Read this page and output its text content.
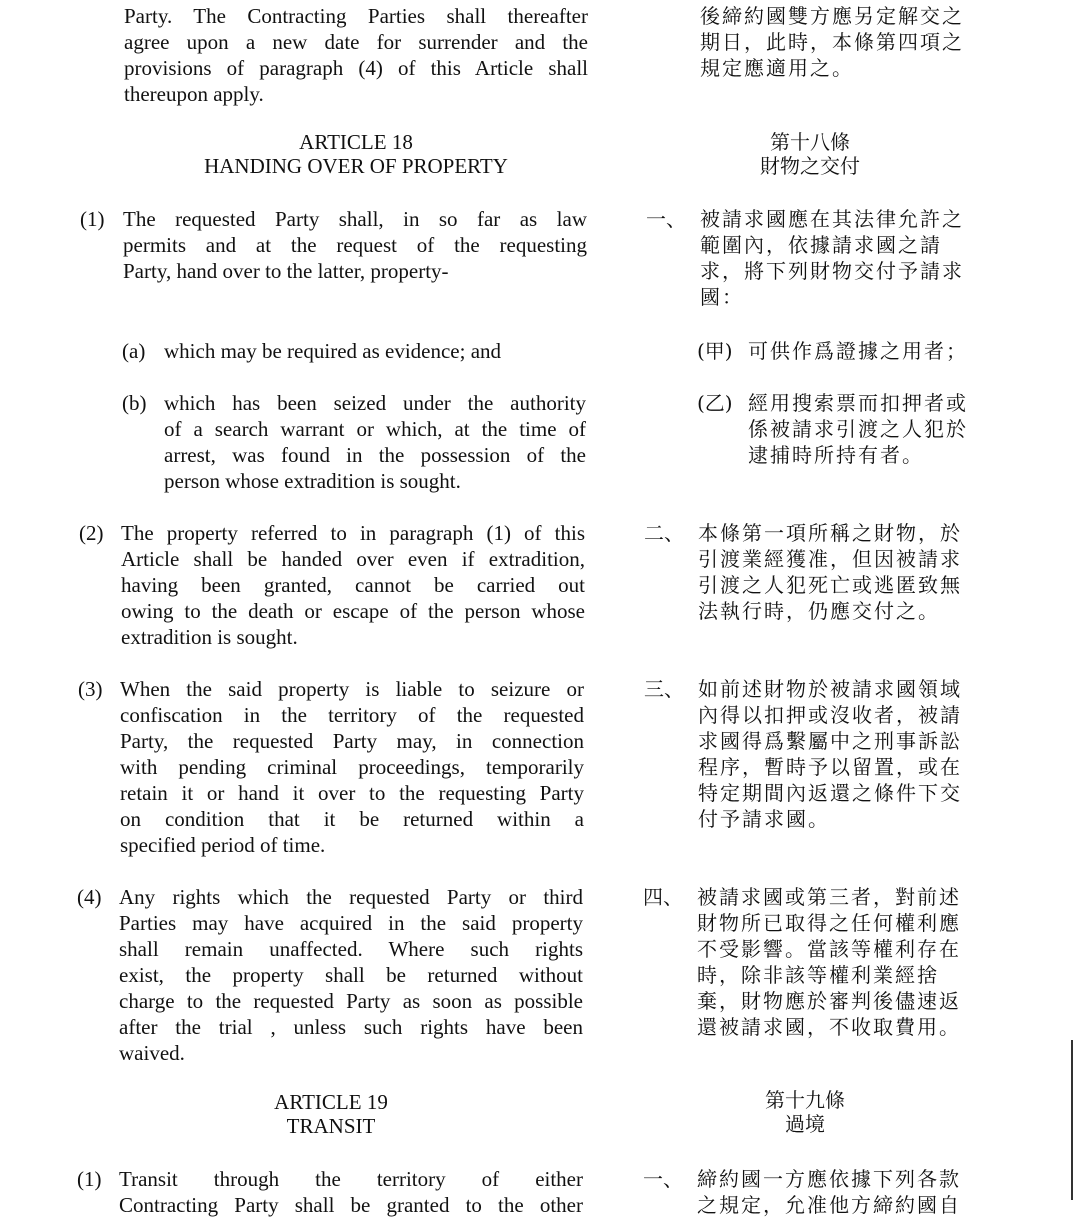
Party. The Contracting Parties shall thereafter
agree upon a new date for surrender and the
provisions of paragraph (4) of this Article shall
thereupon apply.
後締約國雙方應另定解交之
期日，此時，本條第四項之
規定應適用之。
ARTICLE 18
HANDING OVER OF PROPERTY
第十八條
財物之交付
(1) The requested Party shall, in so far as law
permits and at the request of the requesting
Party, hand over to the latter, property-
一、 被請求國應在其法律允許之
範圍內，依據請求國之請
求，將下列財物交付予請求
國：
(a) which may be required as evidence; and	(甲) 可供作爲證據之用者；
(b) which has been seized under the authority
of a search warrant or which, at the time of
arrest, was found in the possession of the
person whose extradition is sought.
(乙) 經用搜索票而扣押者或
係被請求引渡之人犯於
逮捕時所持有者。
(2) The property referred to in paragraph (1) of this
Article shall be handed over even if extradition,
having been granted, cannot be carried out
owing to the death or escape of the person whose
extradition is sought.
二、 本條第一項所稱之財物，於
引渡業經獲准，但因被請求
引渡之人犯死亡或逃匿致無
法執行時，仍應交付之。
(3) When the said property is liable to seizure or
confiscation in the territory of the requested
Party, the requested Party may, in connection
with pending criminal proceedings, temporarily
retain it or hand it over to the requesting Party
on condition that it be returned within a
specified period of time.
三、 如前述財物於被請求國領域
內得以扣押或沒收者，被請
求國得爲繫屬中之刑事訴訟
程序，暫時予以留置，或在
特定期間內返還之條件下交
付予請求國。
(4) Any rights which the requested Party or third
Parties may have acquired in the said property
shall remain unaffected. Where such rights
exist, the property shall be returned without
charge to the requested Party as soon as possible
after the trial , unless such rights have been
waived.
四、 被請求國或第三者，對前述
財物所已取得之任何權利應
不受影響。當該等權利存在
時，除非該等權利業經捨
棄，財物應於審判後儘速返
還被請求國，不收取費用。
ARTICLE 19
TRANSIT
第十九條
過境
(1) Transit through the territory of either
Contracting Party shall be granted to the other
一、 締約國一方應依據下列各款
之規定，允准他方締約國自
